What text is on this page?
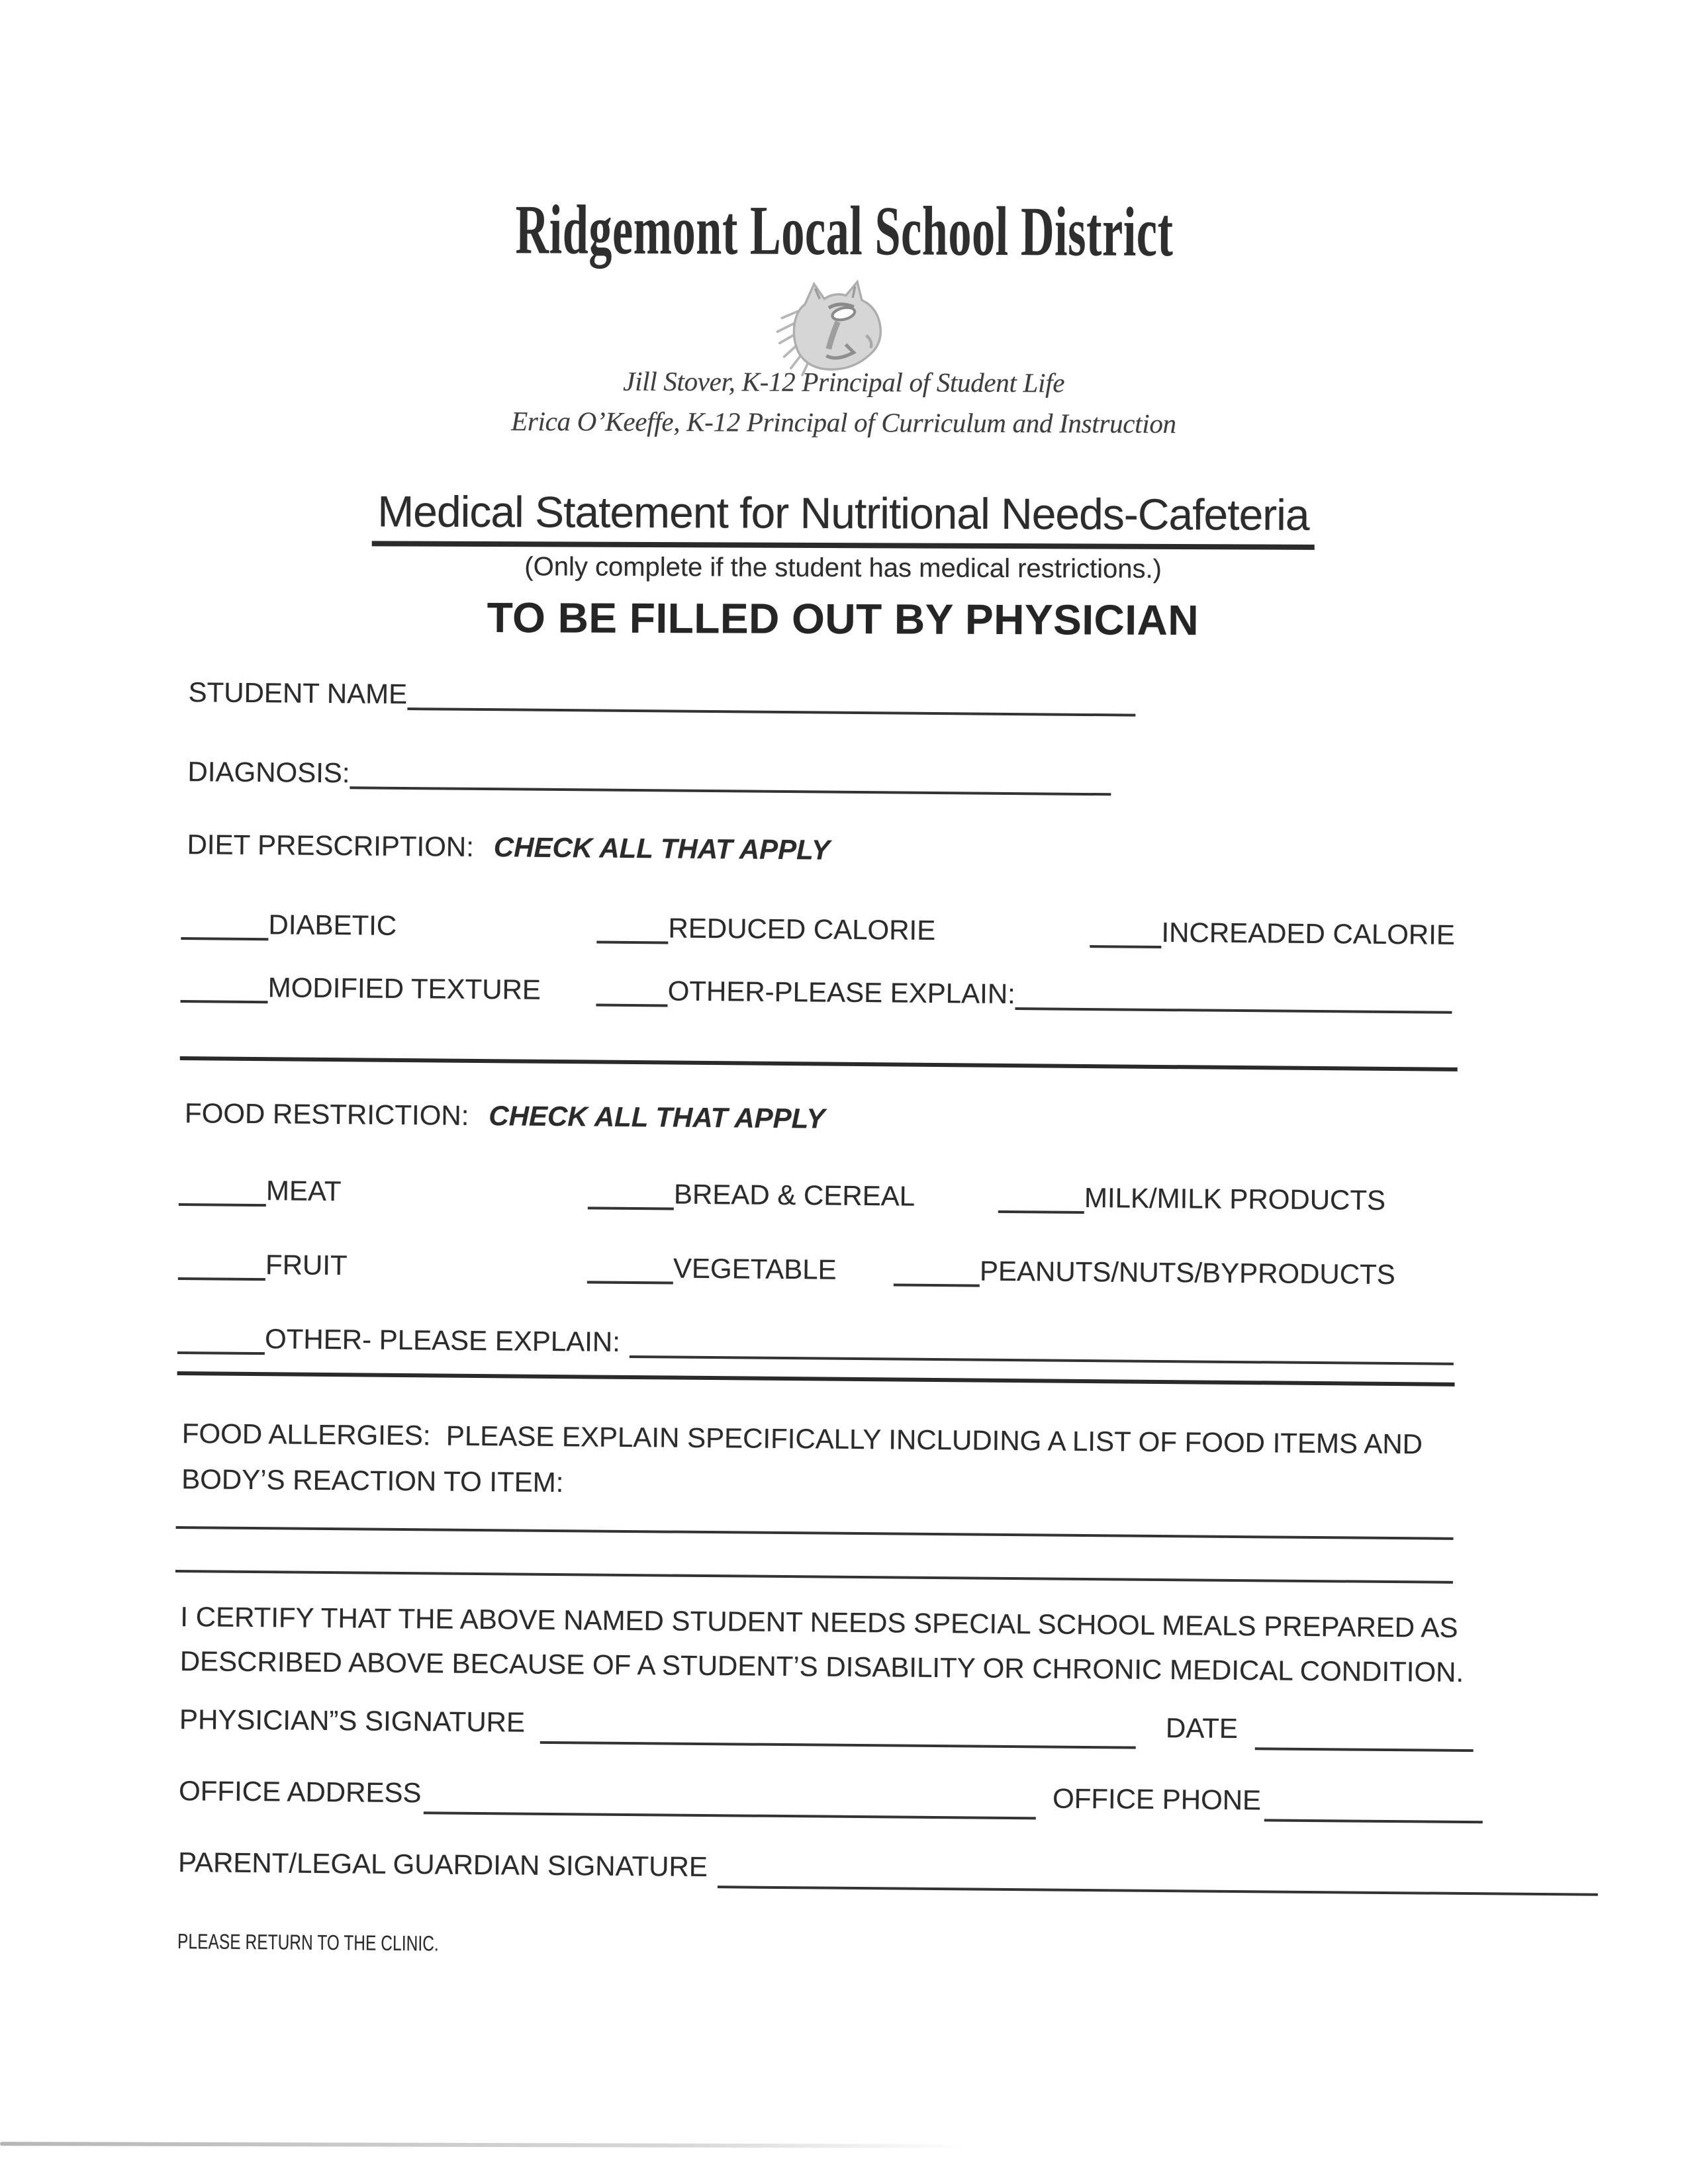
Ridgemont Local School District
Jill Stover, K-12 Principal of Student Life
Erica O’Keeffe, K-12 Principal of Curriculum and Instruction
Medical Statement for Nutritional Needs-Cafeteria
(Only complete if the student has medical restrictions.)
TO BE FILLED OUT BY PHYSICIAN
STUDENT NAME
DIAGNOSIS:
DIET PRESCRIPTION: CHECK ALL THAT APPLY
DIABETIC	REDUCED CALORIE	INCREADED CALORIE
MODIFIED TEXTURE	OTHER-PLEASE EXPLAIN:
FOOD RESTRICTION: CHECK ALL THAT APPLY
MEAT	BREAD & CEREAL	MILK/MILK PRODUCTS
FRUIT	VEGETABLE	PEANUTS/NUTS/BYPRODUCTS
OTHER- PLEASE EXPLAIN:
FOOD ALLERGIES:  PLEASE EXPLAIN SPECIFICALLY INCLUDING A LIST OF FOOD ITEMS AND
BODY’S REACTION TO ITEM:
I CERTIFY THAT THE ABOVE NAMED STUDENT NEEDS SPECIAL SCHOOL MEALS PREPARED AS
DESCRIBED ABOVE BECAUSE OF A STUDENT’S DISABILITY OR CHRONIC MEDICAL CONDITION.
PHYSICIAN”S SIGNATURE	DATE
OFFICE ADDRESS	OFFICE PHONE
PARENT/LEGAL GUARDIAN SIGNATURE
PLEASE RETURN TO THE CLINIC.
